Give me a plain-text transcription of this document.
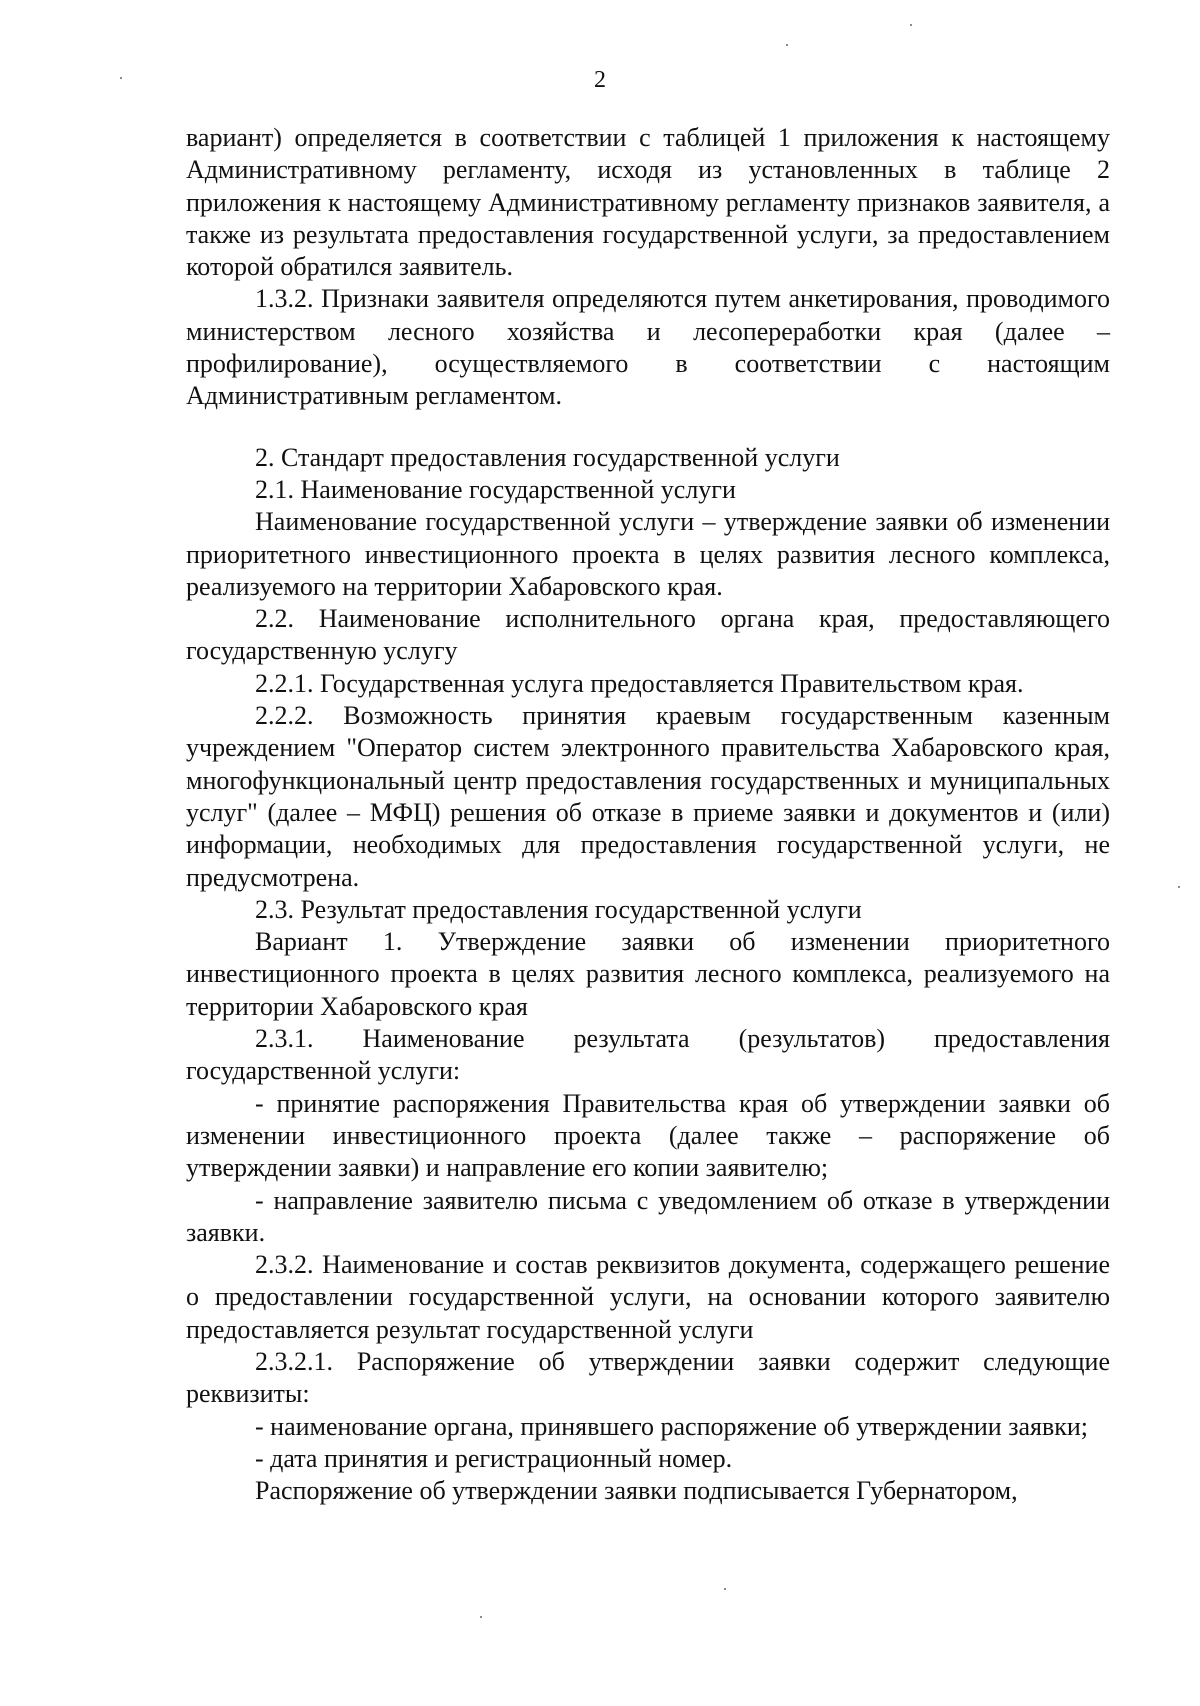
2

вариант) определяется в соответствии с таблицей 1 приложения к настоящему Административному регламенту, исходя из установленных в таблице 2 приложения к настоящему Административному регламенту признаков заявителя, а также из результата предоставления государственной услуги, за предоставлением которой обратился заявитель.

1.3.2. Признаки заявителя определяются путем анкетирования, проводимого министерством лесного хозяйства и лесопереработки края (далее – профилирование), осуществляемого в соответствии с настоящим Административным регламентом.

2. Стандарт предоставления государственной услуги

2.1. Наименование государственной услуги

Наименование государственной услуги – утверждение заявки об изменении приоритетного инвестиционного проекта в целях развития лесного комплекса, реализуемого на территории Хабаровского края.

2.2. Наименование исполнительного органа края, предоставляющего государственную услугу

2.2.1. Государственная услуга предоставляется Правительством края.

2.2.2. Возможность принятия краевым государственным казенным учреждением "Оператор систем электронного правительства Хабаровского края, многофункциональный центр предоставления государственных и муниципальных услуг" (далее – МФЦ) решения об отказе в приеме заявки и документов и (или) информации, необходимых для предоставления государственной услуги, не предусмотрена.

2.3. Результат предоставления государственной услуги

Вариант 1. Утверждение заявки об изменении приоритетного инвестиционного проекта в целях развития лесного комплекса, реализуемого на территории Хабаровского края

2.3.1. Наименование результата (результатов) предоставления государственной услуги:

- принятие распоряжения Правительства края об утверждении заявки об изменении инвестиционного проекта (далее также – распоряжение об утверждении заявки) и направление его копии заявителю;

- направление заявителю письма с уведомлением об отказе в утверждении заявки.

2.3.2. Наименование и состав реквизитов документа, содержащего решение о предоставлении государственной услуги, на основании которого заявителю предоставляется результат государственной услуги

2.3.2.1. Распоряжение об утверждении заявки содержит следующие реквизиты:

- наименование органа, принявшего распоряжение об утверждении заявки;

- дата принятия и регистрационный номер.

Распоряжение об утверждении заявки подписывается Губернатором,
